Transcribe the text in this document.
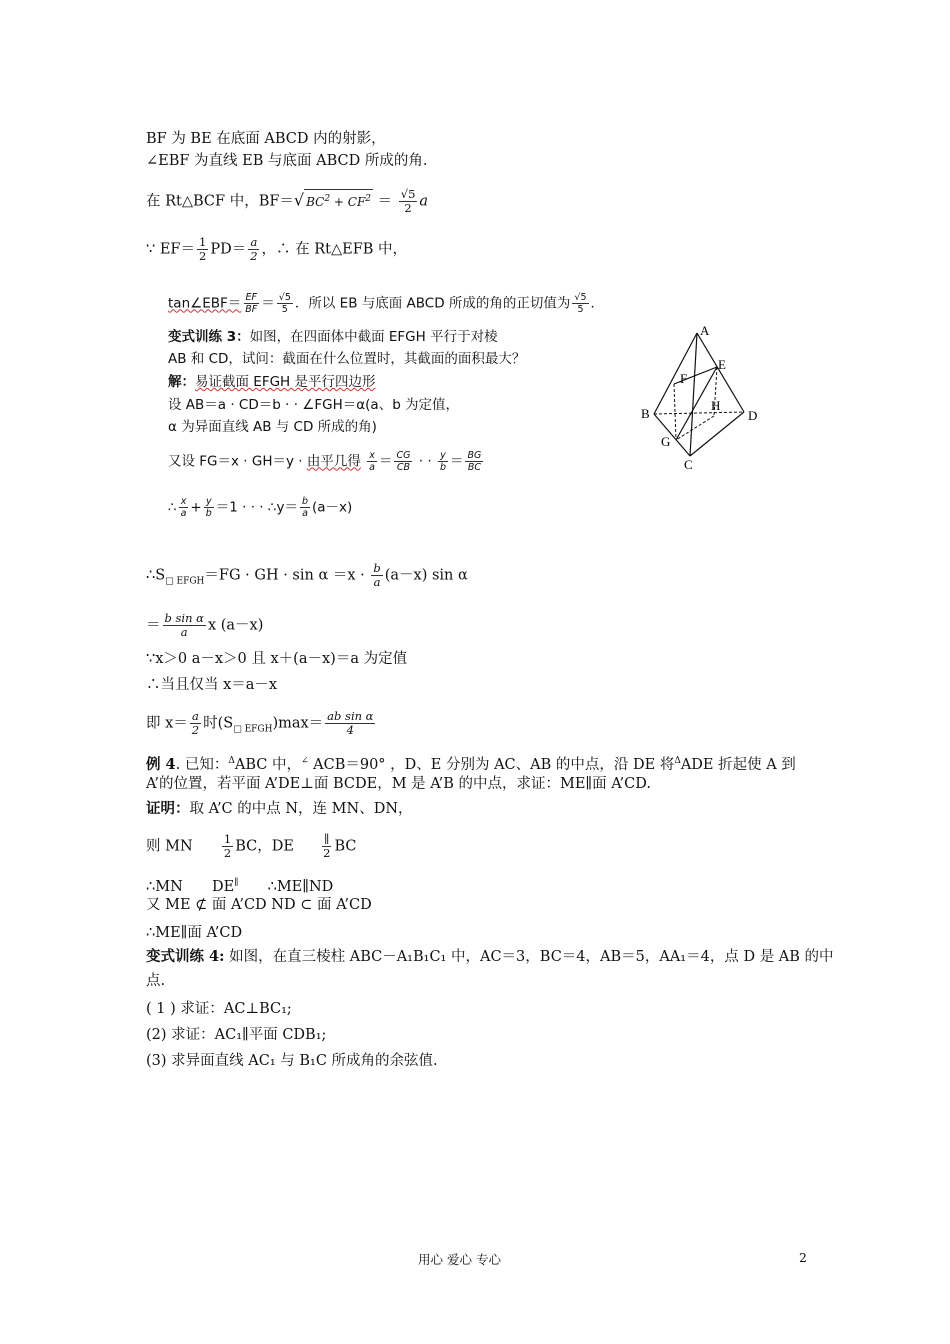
BF 为 BE 在底面 ABCD 内的射影，
∠EBF 为直线 EB 与底面 ABCD 所成的角.
在 Rt△BCF 中，BF＝√ $BC^2 + CF^2 = \frac{√5}{2}$ a
∵ $EF= \frac{1}{2} PD= \frac{a}{2}$ ，∴ 在 Rt△EFB 中，
tan∠EBF＝ $\frac{EF}{BF} = \frac{√5}{5}$ ．所以 EB 与底面 ABCD 所成的角的正切值为 $\frac{√5}{5}$ ．
变式训练 3：如图，在四面体中截面 EFGH 平行于对棱
AB 和 CD，试问：截面在什么位置时，其截面的面积最大？
解：易证截面 EFGH 是平行四边形
设 AB＝a · CD＝b · · ∠FGH＝α(a、b 为定值，
α 为异面直线 AB 与 CD 所成的角)
又设 FG＝x · GH＝y · 由平几得 $\frac{x}{a} = \frac{CG}{CB}$ · · $\frac{y}{b} = \frac{BG}{BC}$
∴ $\frac{x}{a} + \frac{y}{b} =1$ · · · ∴y＝ $\frac{b}{a} (a-x)$
A
E
F
H
B	D
G
C
$\therefore S_{□ EFGH}=FG$ · GH · $\sin \alpha =x \cdot \frac{b}{a} (a-x)$ sin α
＝ $\frac{\text{b sin α}}{a}$ x (a－x)
∵x＞0 a－x＞0 且 x＋(a－x)＝a 为定值
∴当且仅当 x＝a－x
即 $x= \frac{a}{2}$ 时$(S_{□ EFGH})\max= \frac{\text{ab sin α}}{4}$
例 4. 已知：$^\Delta$ABC 中，∠ ACB＝90° ，D、E 分别为 AC、AB 的中点，沿 DE 将$^\Delta$ADE 折起使 A 到
A’的位置，若平面 A’DE⊥面 BCDE，M 是 A’B 的中点，求证：ME∥面 A’CD.
证明：取 A’C 的中点 N，连 MN、DN，
则 MN	$\frac{1}{2}$ BC，DE $\frac{\parallel}{2}$ BC
∴MN DE∥ ∴ME∥ND
又 ME ⊄ 面 A’CD ND ⊂ 面 A’CD
∴ME∥面 A’CD
变式训练 4: 如图，在直三棱柱 ABC－A₁B₁C₁ 中，AC＝3，BC＝4，AB＝5，AA₁＝4，点 D 是 AB 的中
点.
( 1 ) 求证：AC⊥BC₁;
(2) 求证：AC₁∥平面 CDB₁;
(3) 求异面直线 AC₁ 与 B₁C 所成角的余弦值.
用心 爱心 专心	2
